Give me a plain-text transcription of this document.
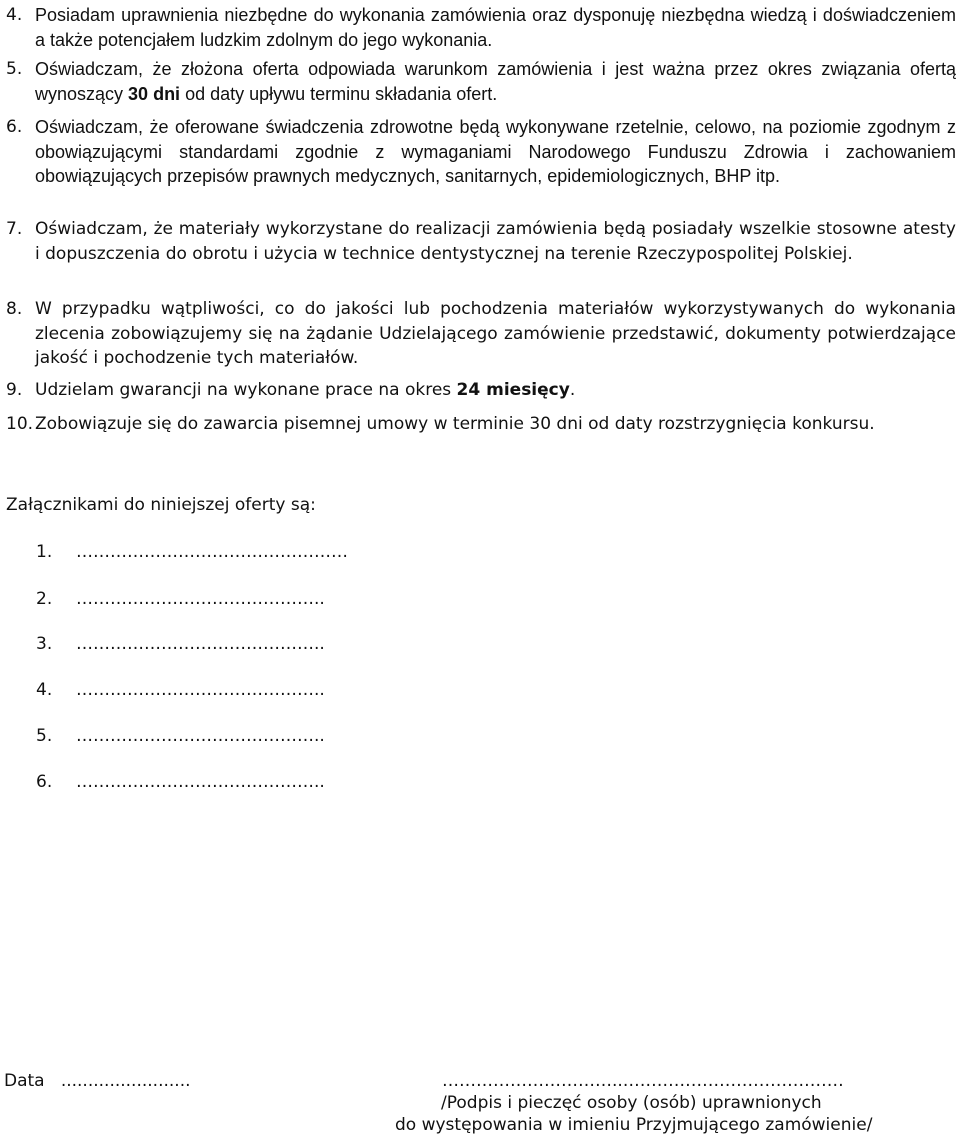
4. Posiadam uprawnienia niezbędne do wykonania zamówienia oraz dysponuję niezbędna wiedzą i doświadczeniem a także potencjałem ludzkim zdolnym do jego wykonania.
5. Oświadczam, że złożona oferta odpowiada warunkom zamówienia i jest ważna przez okres związania ofertą wynoszący 30 dni od daty upływu terminu składania ofert.
6. Oświadczam, że oferowane świadczenia zdrowotne będą wykonywane rzetelnie, celowo, na poziomie zgodnym z obowiązującymi standardami zgodnie z wymaganiami Narodowego Funduszu Zdrowia i zachowaniem obowiązujących przepisów prawnych medycznych, sanitarnych, epidemiologicznych, BHP itp.
7. Oświadczam, że materiały wykorzystane do realizacji zamówienia będą posiadały wszelkie stosowne atesty i dopuszczenia do obrotu i użycia w technice dentystycznej na terenie Rzeczypospolitej Polskiej.
8. W przypadku wątpliwości, co do jakości lub pochodzenia materiałów wykorzystywanych do wykonania zlecenia zobowiązujemy się na żądanie Udzielającego zamówienie przedstawić, dokumenty potwierdzające jakość i pochodzenie tych materiałów.
9. Udzielam gwarancji na wykonane prace na okres 24 miesięcy.
10. Zobowiązuje się do zawarcia pisemnej umowy w terminie 30 dni od daty rozstrzygnięcia konkursu.
Załącznikami do niniejszej oferty są:
1. …………………………………………
2. ……………………………………..
3. ……………………………………..
4. ……………………………………..
5. ……………………………………..
6. ……………………………………..
Data ........................	…………………………..…………………………………
/Podpis i pieczęć osoby (osób) uprawnionych
do występowania w imieniu Przyjmującego zamówienie/
